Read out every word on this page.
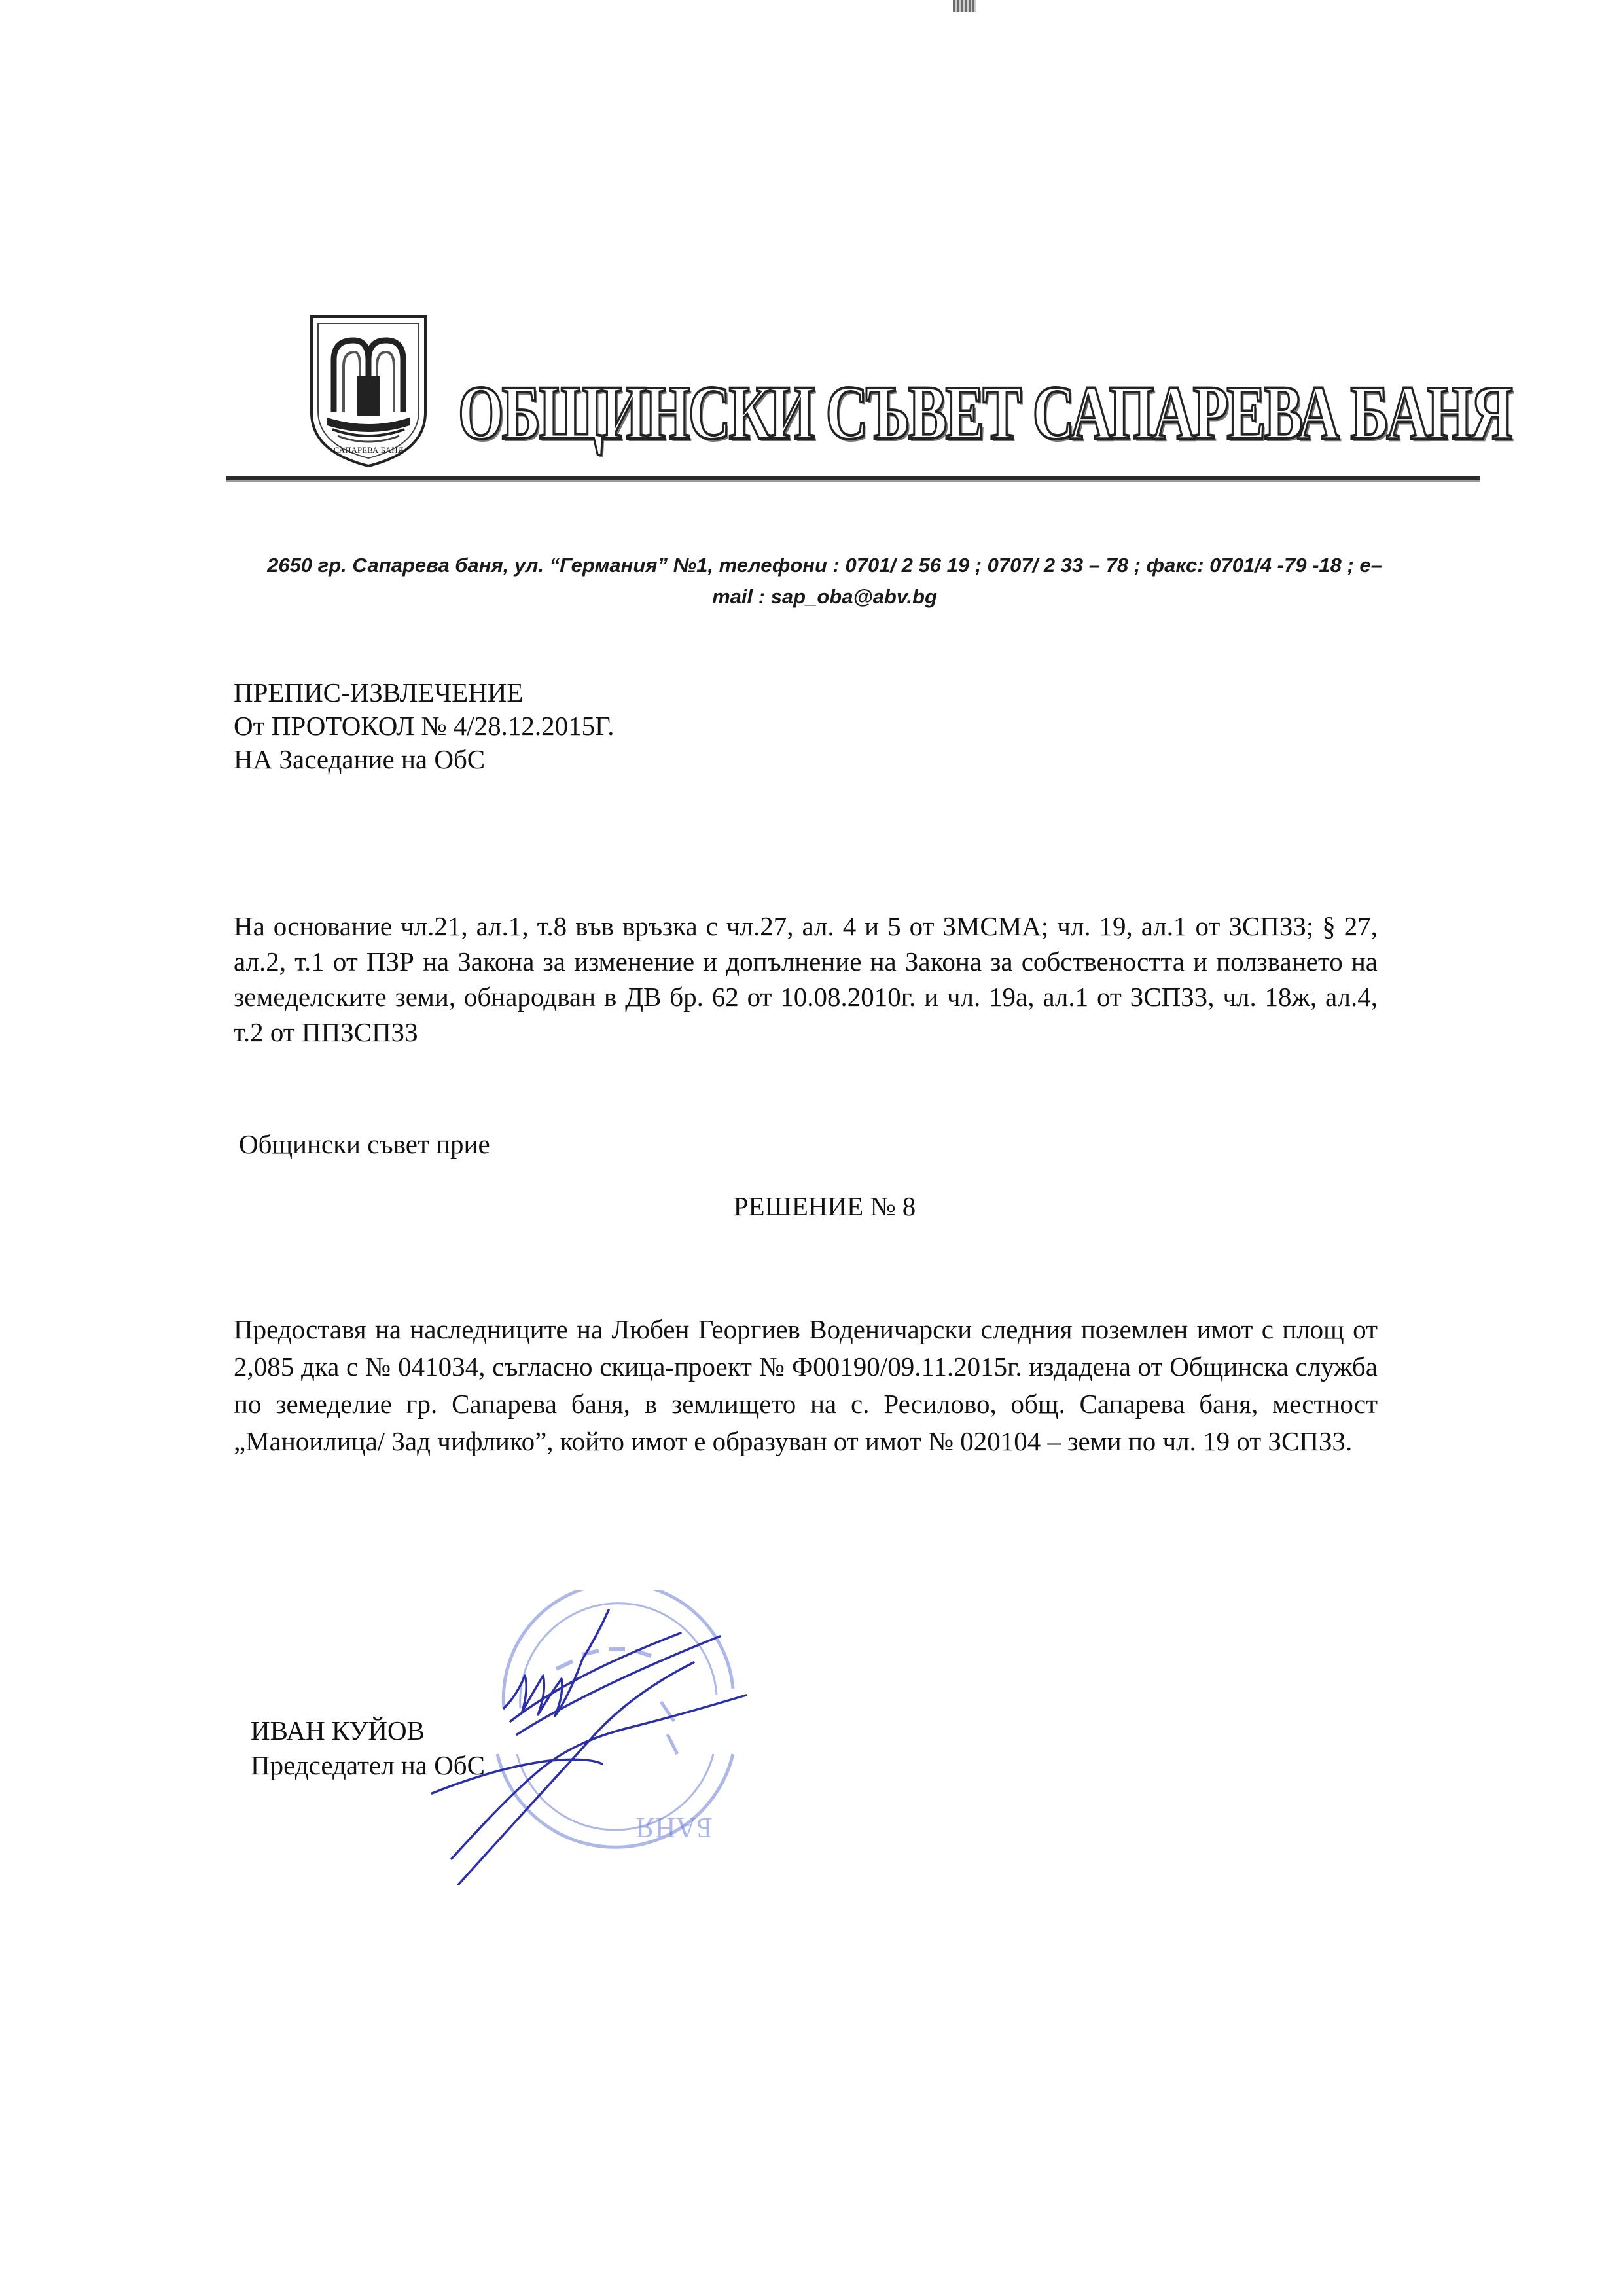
САПАРЕВА БАНЯ ОБЩИНСКИ СЪВЕТ САПАРЕВА БАНЯ
2650 гр. Сапарева баня, ул. “Германия” №1, телефони : 0701/ 2 56 19 ; 0707/ 2 33 – 78 ; факс: 0701/4 -79 -18 ; e–
mail : sap_oba@abv.bg
ПРЕПИС-ИЗВЛЕЧЕНИЕ
От ПРОТОКОЛ № 4/28.12.2015Г.
НА Заседание на ОбС
На основание чл.21, ал.1, т.8 във връзка с чл.27, ал. 4 и 5 от ЗМСМА; чл. 19, ал.1 от ЗСПЗЗ; § 27, ал.2, т.1 от ПЗР на Закона за изменение и допълнение на Закона за собствеността и ползването на земеделските земи, обнародван в ДВ бр. 62 от 10.08.2010г. и чл. 19а, ал.1 от ЗСПЗЗ, чл. 18ж, ал.4, т.2 от ППЗСПЗЗ
Общински съвет прие
РЕШЕНИЕ № 8
Предоставя на наследниците на Любен Георгиев Воденичарски следния поземлен имот с площ от 2,085 дка с № 041034, съгласно скица-проект № Ф00190/09.11.2015г. издадена от Общинска служба по земеделие гр. Сапарева баня, в землището на с. Ресилово, общ. Сапарева баня, местност „Маноилица/ Зад чифлико”, който имот е образуван от имот № 020104 – земи по чл. 19 от ЗСПЗЗ.
БАНЯ
ИВАН КУЙОВ
Председател на ОбС
